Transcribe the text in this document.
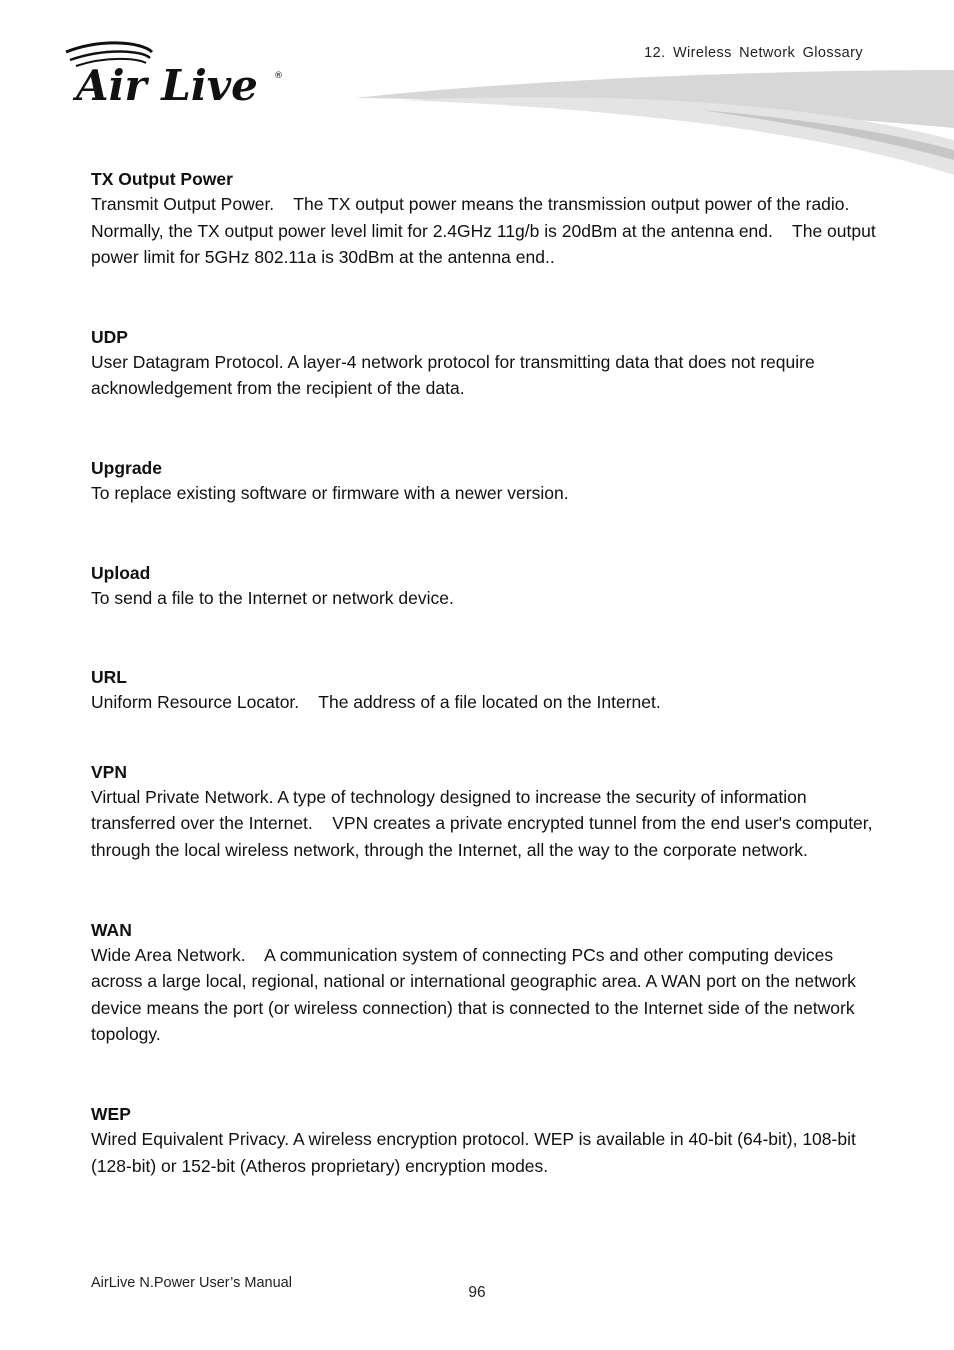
Air Live ®
12. Wireless Network Glossary
TX Output Power
Transmit Output Power.    The TX output power means the transmission output power of the radio.    Normally, the TX output power level limit for 2.4GHz 11g/b is 20dBm at the antenna end.    The output power limit for 5GHz 802.11a is 30dBm at the antenna end..
UDP
User Datagram Protocol. A layer-4 network protocol for transmitting data that does not require acknowledgement from the recipient of the data.
Upgrade
To replace existing software or firmware with a newer version.
Upload
To send a file to the Internet or network device.
URL
Uniform Resource Locator.    The address of a file located on the Internet.
VPN
Virtual Private Network. A type of technology designed to increase the security of information transferred over the Internet.    VPN creates a private encrypted tunnel from the end user's computer, through the local wireless network, through the Internet, all the way to the corporate network.
WAN
Wide Area Network.    A communication system of connecting PCs and other computing devices across a large local, regional, national or international geographic area. A WAN port on the network device means the port (or wireless connection) that is connected to the Internet side of the network topology.
WEP
Wired Equivalent Privacy. A wireless encryption protocol. WEP is available in 40-bit (64-bit), 108-bit (128-bit) or 152-bit (Atheros proprietary) encryption modes.
AirLive N.Power User’s Manual
96
